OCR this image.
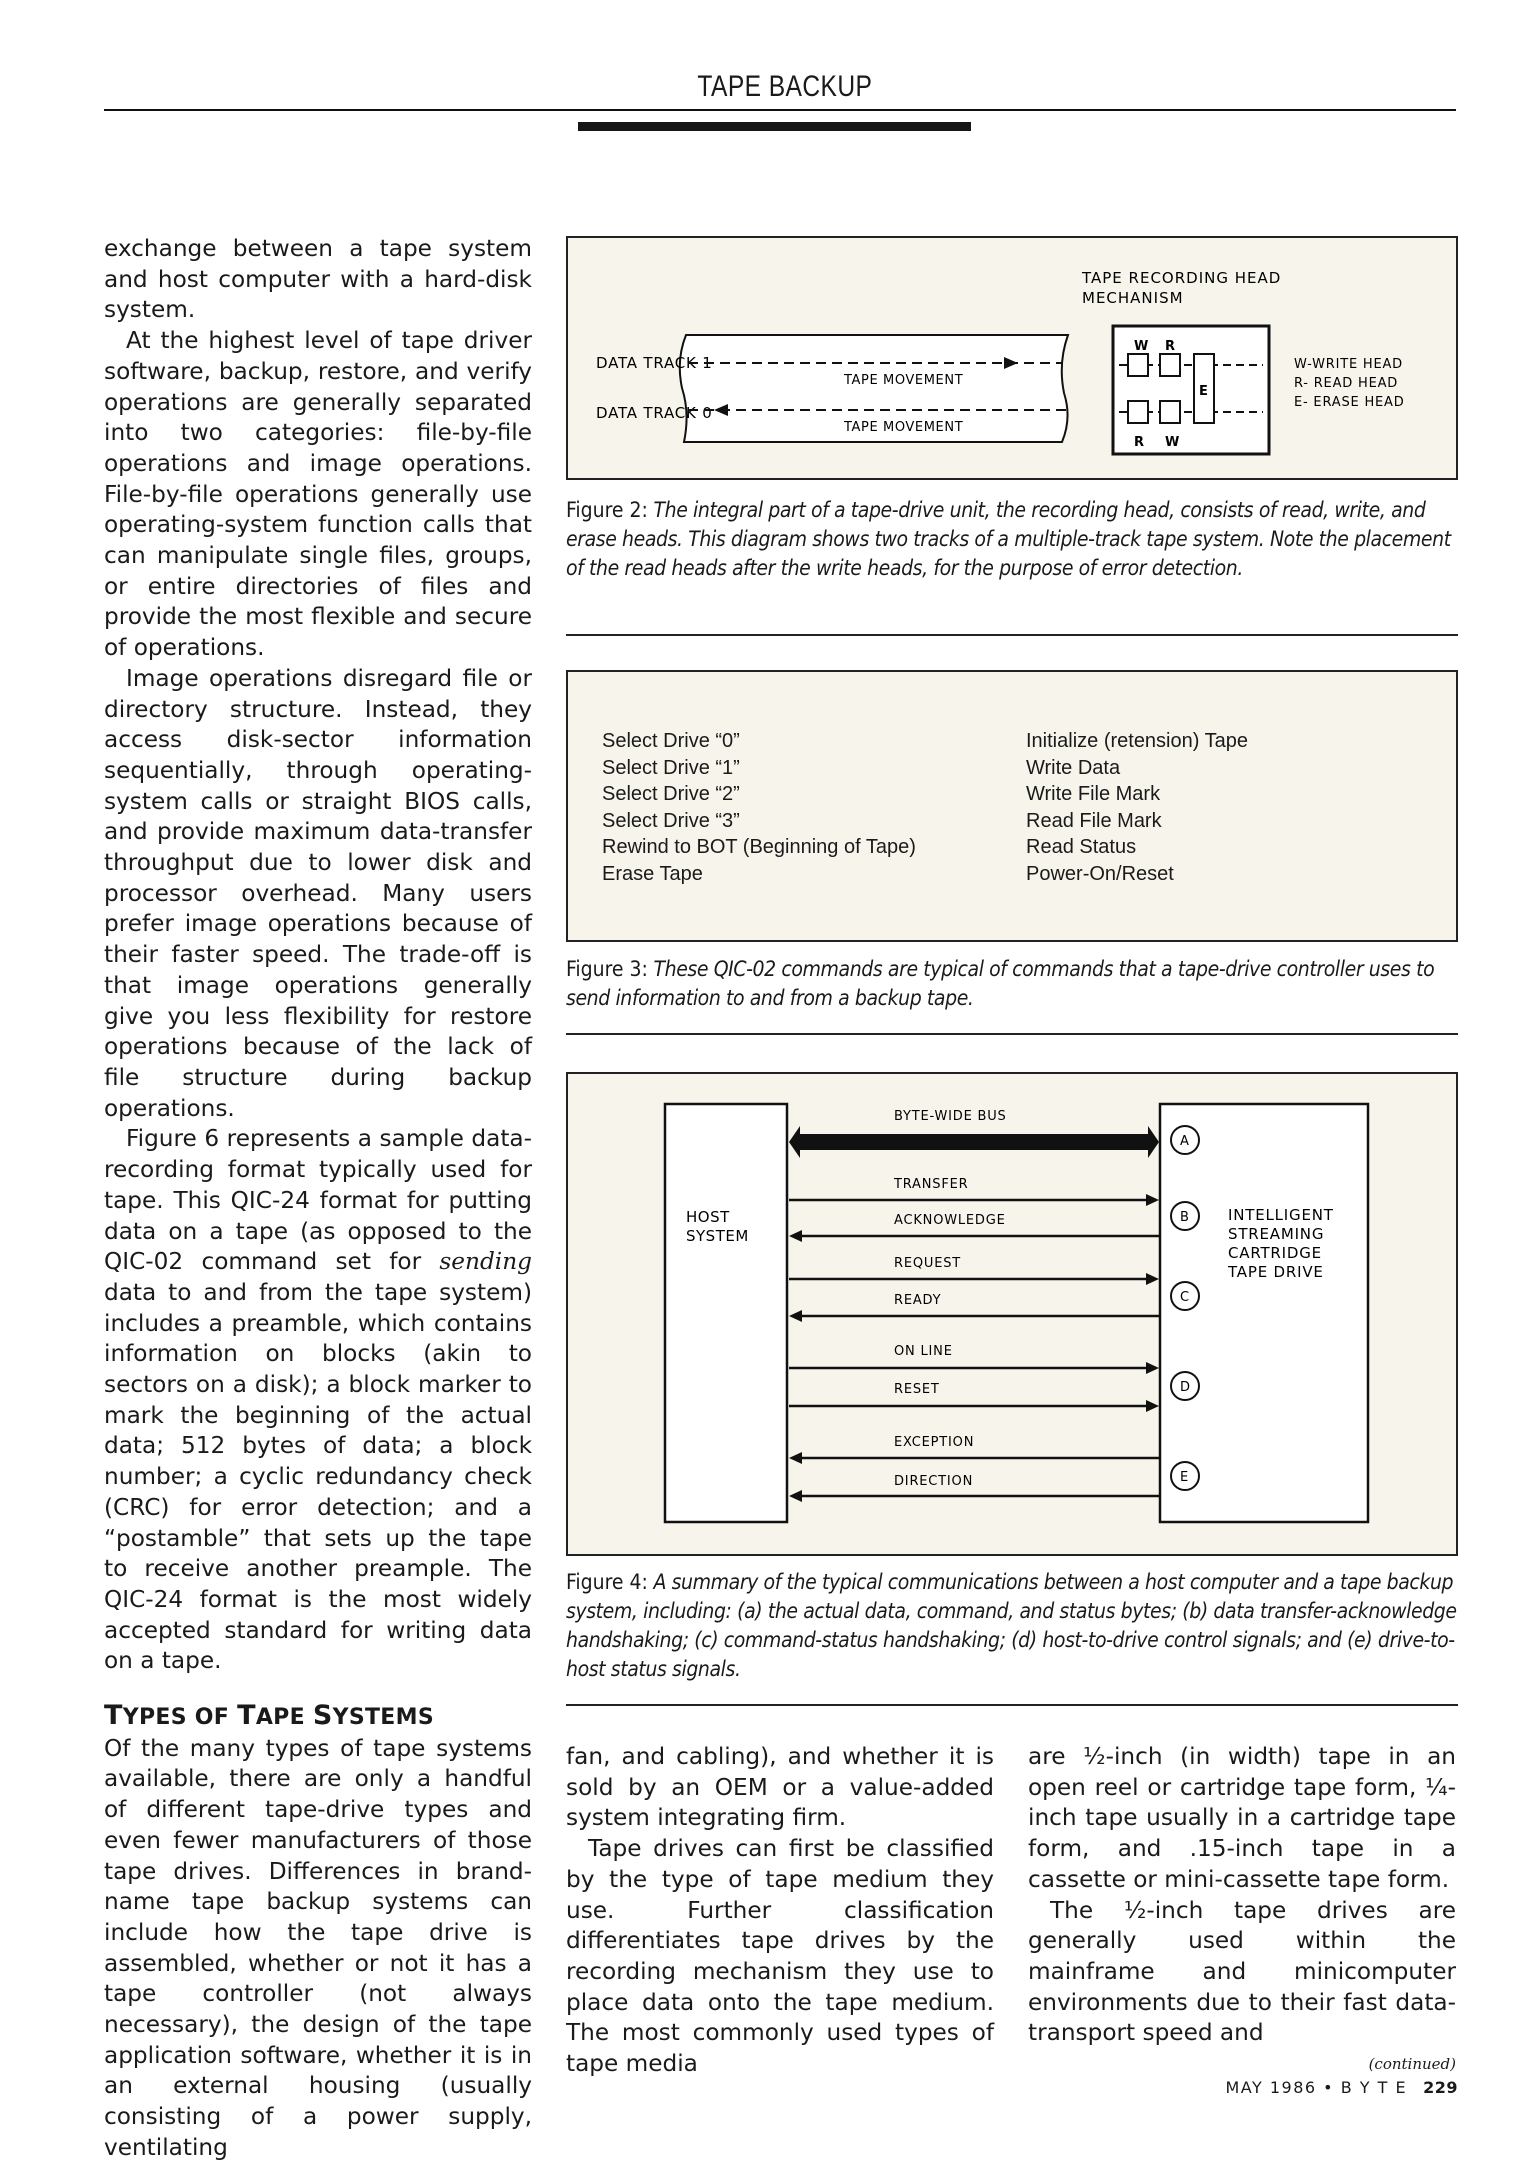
TAPE BACKUP

exchange between a tape system and host computer with a hard-disk system.

At the highest level of tape driver software, backup, restore, and verify operations are generally separated into two categories: file-by-file operations and image operations. File-by-file operations generally use operating-system function calls that can manipulate single files, groups, or entire directories of files and provide the most flexible and secure of operations.

Image operations disregard file or directory structure. Instead, they access disk-sector information sequentially, through operating-system calls or straight BIOS calls, and provide maximum data-transfer throughput due to lower disk and processor overhead. Many users prefer image operations because of their faster speed. The trade-off is that image operations generally give you less flexibility for restore operations because of the lack of file structure during backup operations.

Figure 6 represents a sample data-recording format typically used for tape. This QIC-24 format for putting data on a tape (as opposed to the QIC-02 command set for sending data to and from the tape system) includes a preamble, which contains information on blocks (akin to sectors on a disk); a block marker to mark the beginning of the actual data; 512 bytes of data; a block number; a cyclic redundancy check (CRC) for error detection; and a “postamble” that sets up the tape to receive another preample. The QIC-24 format is the most widely accepted standard for writing data on a tape.

TYPES OF TAPE SYSTEMS

Of the many types of tape systems available, there are only a handful of different tape-drive types and even fewer manufacturers of those tape drives. Differences in brand-name tape backup systems can include how the tape drive is assembled, whether or not it has a tape controller (not always necessary), the design of the tape application software, whether it is in an external housing (usually consisting of a power supply, ventilating

TAPE RECORDING HEAD
MECHANISM
DATA TRACK 1
DATA TRACK 0
TAPE MOVEMENT
TAPE MOVEMENT
W R
R W
E
W-WRITE HEAD
R- READ HEAD
E- ERASE HEAD
Figure 2: The integral part of a tape-drive unit, the recording head, consists of read, write, and erase heads. This diagram shows two tracks of a multiple-track tape system. Note the placement of the read heads after the write heads, for the purpose of error detection.
Select Drive “0”
Select Drive “1”
Select Drive “2”
Select Drive “3”
Rewind to BOT (Beginning of Tape)
Erase Tape
Initialize (retension) Tape
Write Data
Write File Mark
Read File Mark
Read Status
Power-On/Reset
Figure 3: These QIC-02 commands are typical of commands that a tape-drive controller uses to send information to and from a backup tape.
HOST
SYSTEM
INTELLIGENT
STREAMING
CARTRIDGE
TAPE DRIVE
BYTE-WIDE BUS
TRANSFER
ACKNOWLEDGE
REQUEST
READY
ON LINE
RESET
EXCEPTION
DIRECTION
A
B
C
D
E
Figure 4: A summary of the typical communications between a host computer and a tape backup system, including: (a) the actual data, command, and status bytes; (b) data transfer-acknowledge handshaking; (c) command-status handshaking; (d) host-to-drive control signals; and (e) drive-to-host status signals.

fan, and cabling), and whether it is sold by an OEM or a value-added system integrating firm.

Tape drives can first be classified by the type of tape medium they use. Further classification differentiates tape drives by the recording mechanism they use to place data onto the tape medium. The most commonly used types of tape media

are ½-inch (in width) tape in an open reel or cartridge tape form, ¼-inch tape usually in a cartridge tape form, and .15-inch tape in a cassette or mini-cassette tape form.

The ½-inch tape drives are generally used within the mainframe and minicomputer environments due to their fast data-transport speed and

(continued)

MAY 1986 • B Y T E 229
